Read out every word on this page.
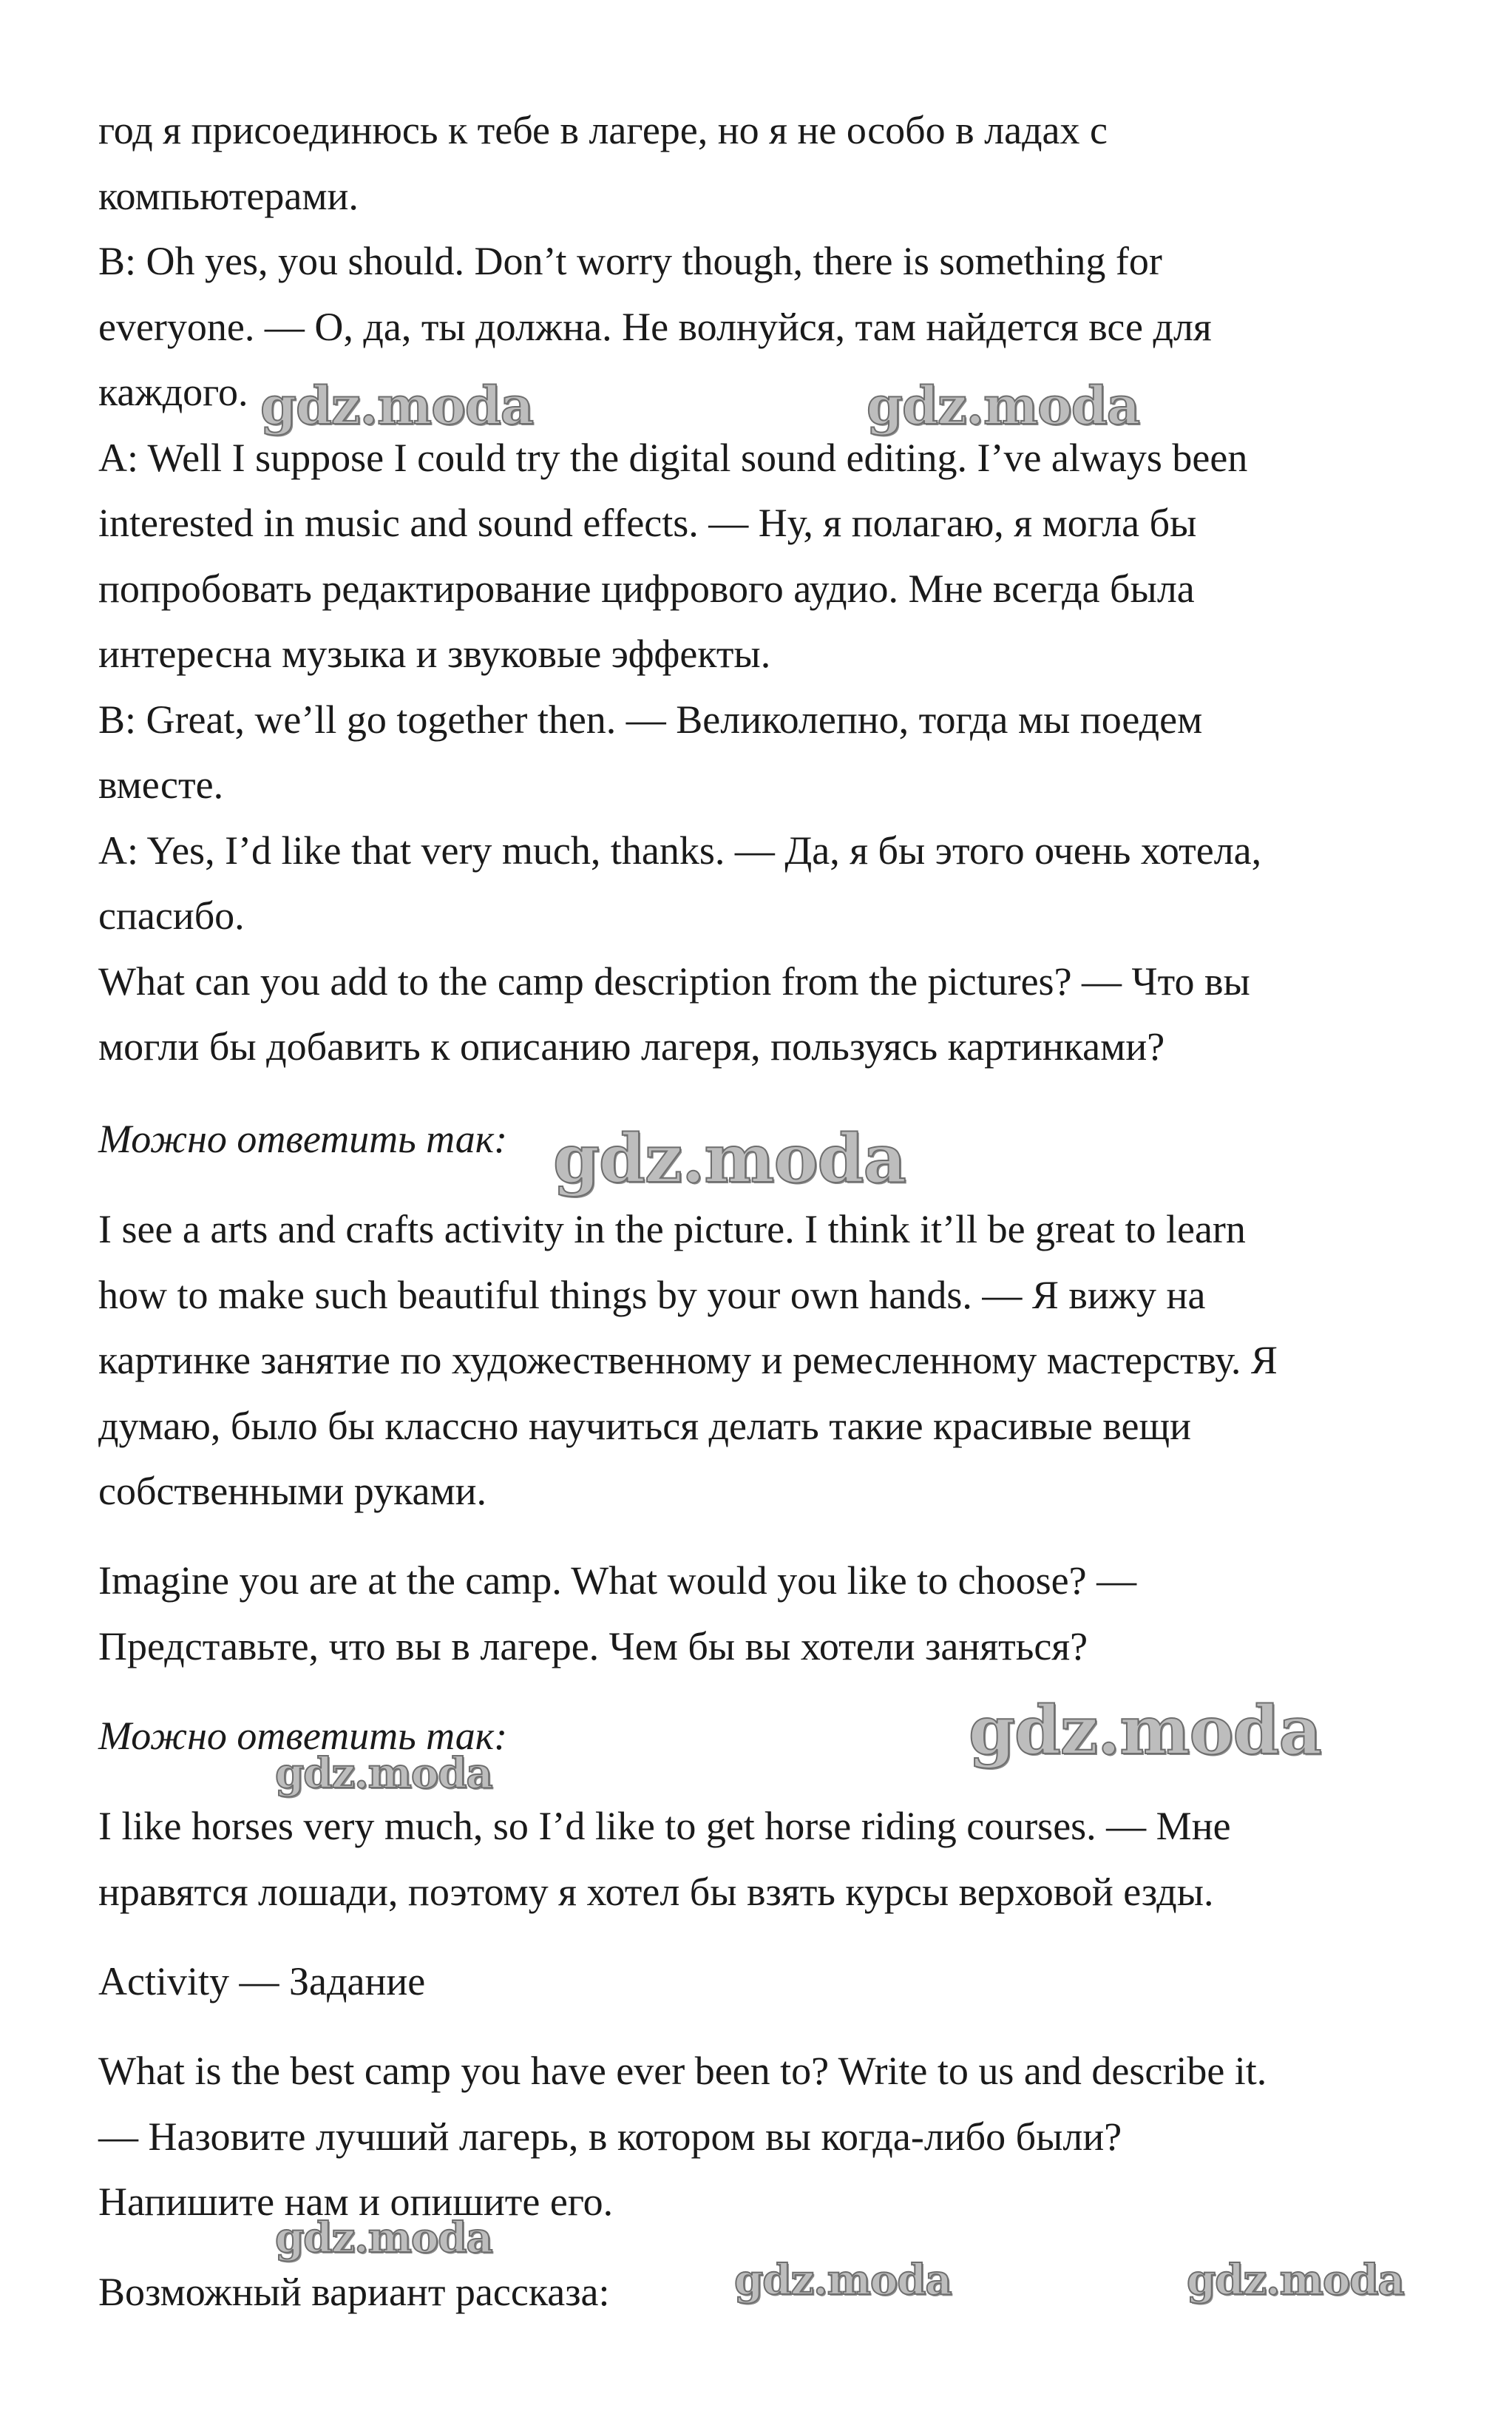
год я присоединюсь к тебе в лагере, но я не особо в ладах с
компьютерами.
B: Oh yes, you should. Don’t worry though, there is something for
everyone. — О, да, ты должна. Не волнуйся, там найдется все для
каждого.
A: Well I suppose I could try the digital sound editing. I’ve always been
interested in music and sound effects. — Ну, я полагаю, я могла бы
попробовать редактирование цифрового аудио. Мне всегда была
интересна музыка и звуковые эффекты.
B: Great, we’ll go together then. — Великолепно, тогда мы поедем
вместе.
A: Yes, I’d like that very much, thanks. — Да, я бы этого очень хотела,
спасибо.
What can you add to the camp description from the pictures? — Что вы
могли бы добавить к описанию лагеря, пользуясь картинками?

Можно ответить так:

I see a arts and crafts activity in the picture. I think it’ll be great to learn
how to make such beautiful things by your own hands. — Я вижу на
картинке занятие по художественному и ремесленному мастерству. Я
думаю, было бы классно научиться делать такие красивые вещи
собственными руками.

Imagine you are at the camp. What would you like to choose? —
Представьте, что вы в лагере. Чем бы вы хотели заняться?

Можно ответить так:

I like horses very much, so I’d like to get horse riding courses. — Мне
нравятся лошади, поэтому я хотел бы взять курсы верховой езды.

Activity — Задание

What is the best camp you have ever been to? Write to us and describe it.
— Назовите лучший лагерь, в котором вы когда-либо были?
Напишите нам и опишите его.

Возможный вариант рассказа:

gdz.moda	gdz.moda
gdz.moda
gdz.moda
gdz.moda
gdz.moda
gdz.moda	gdz.moda
